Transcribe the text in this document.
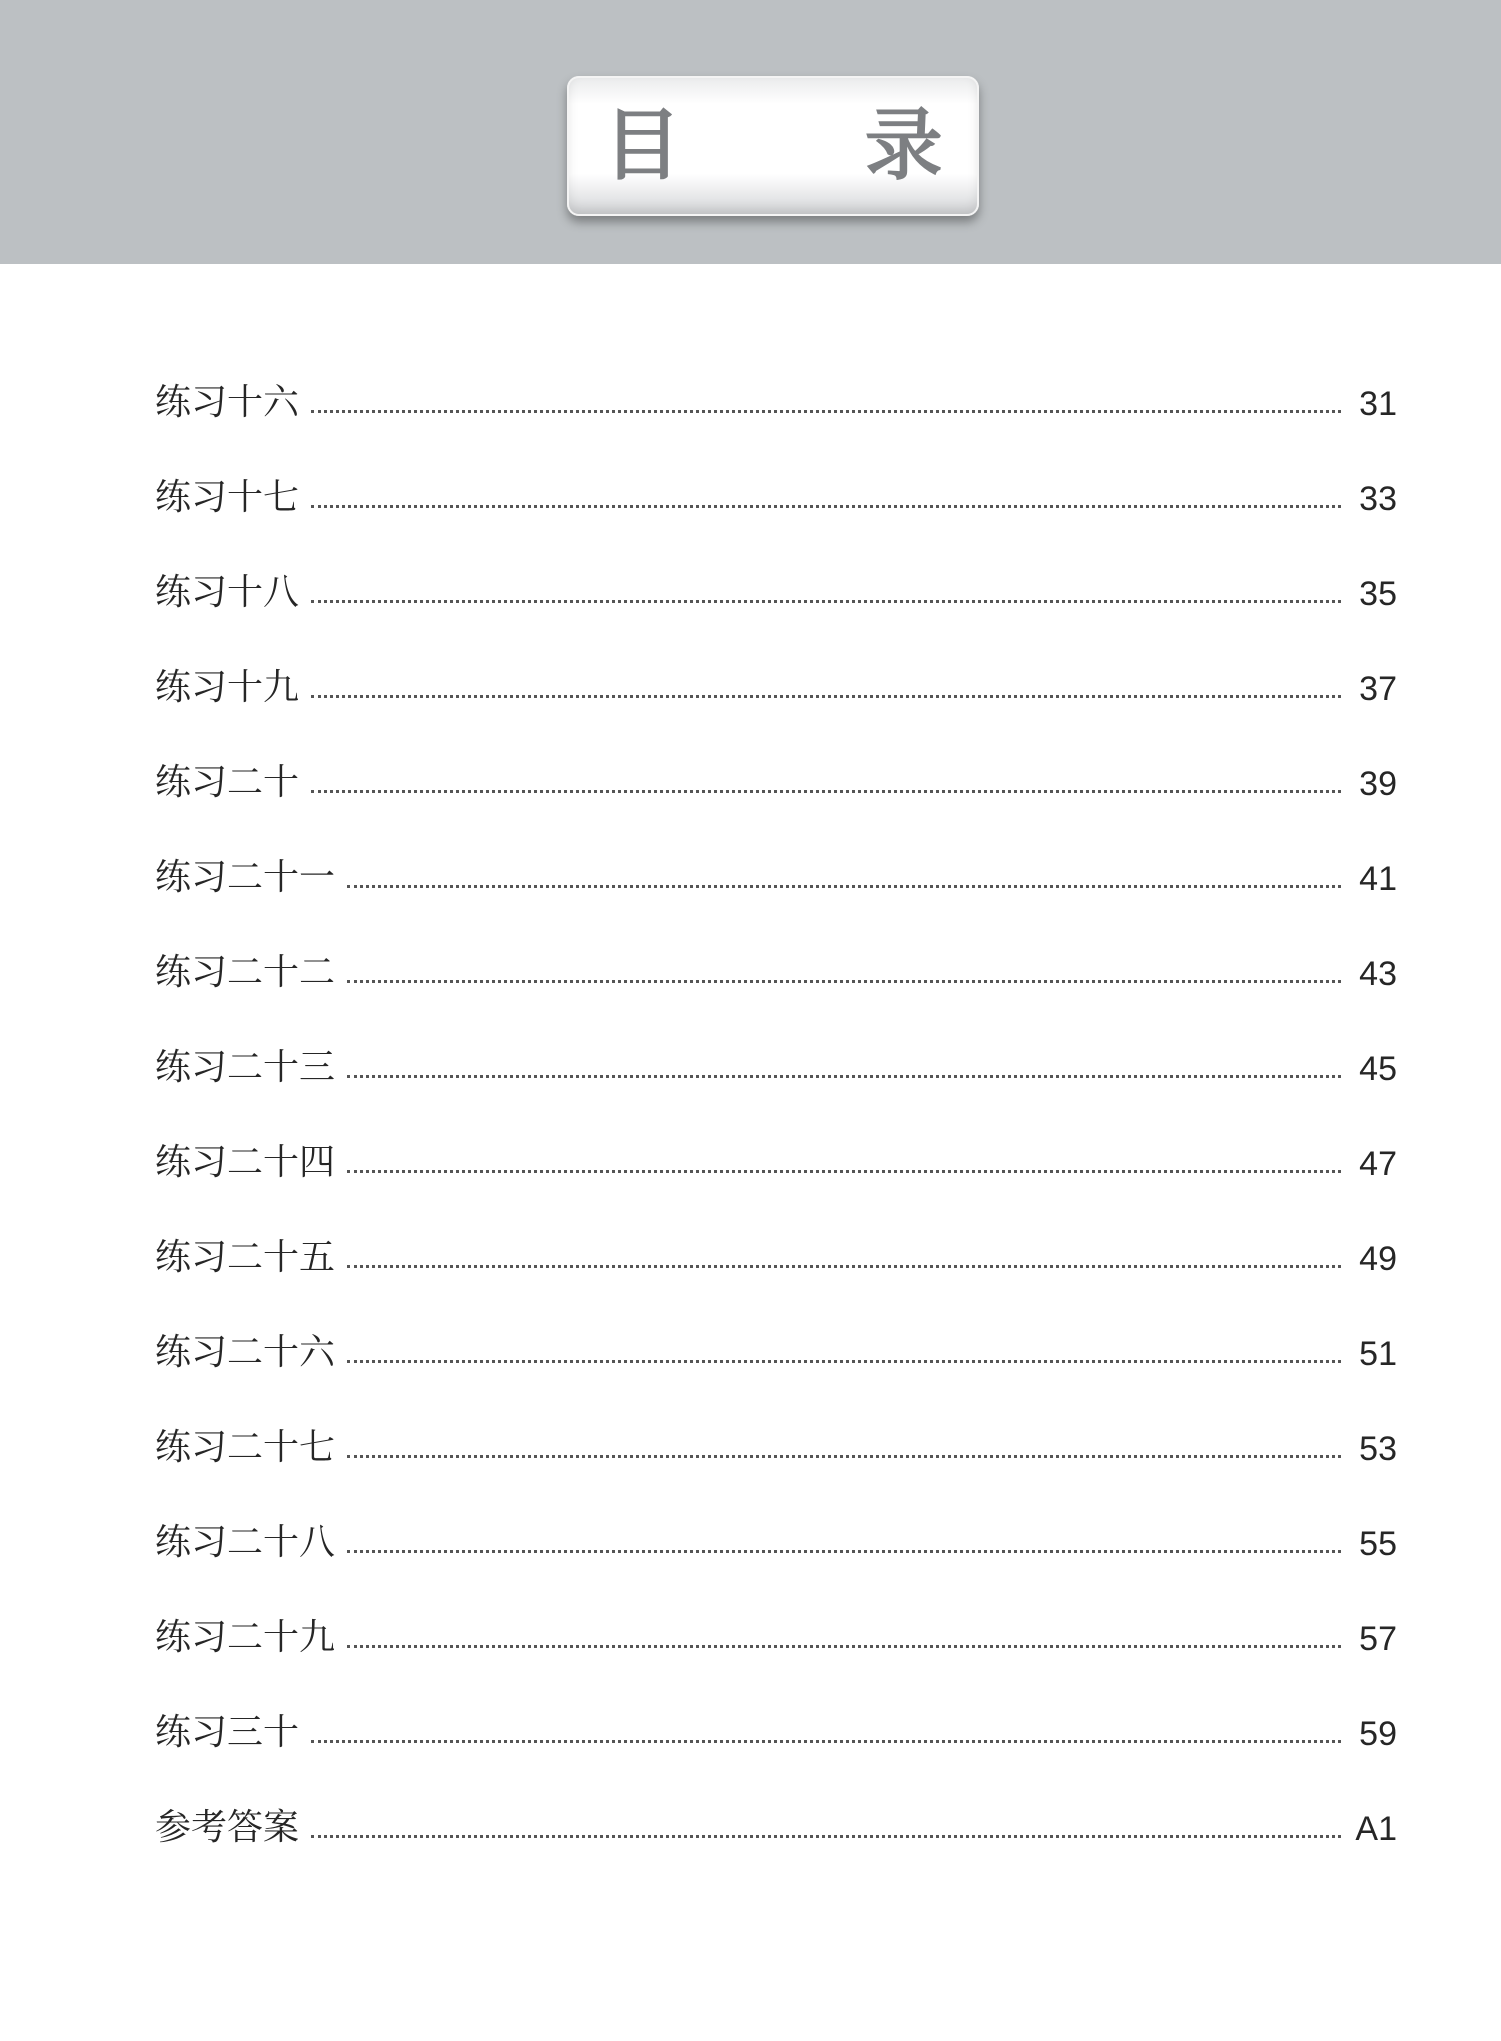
目 录
练习十六	31
练习十七	33
练习十八	35
练习十九	37
练习二十	39
练习二十一	41
练习二十二	43
练习二十三	45
练习二十四	47
练习二十五	49
练习二十六	51
练习二十七	53
练习二十八	55
练习二十九	57
练习三十	59
参考答案	A1
